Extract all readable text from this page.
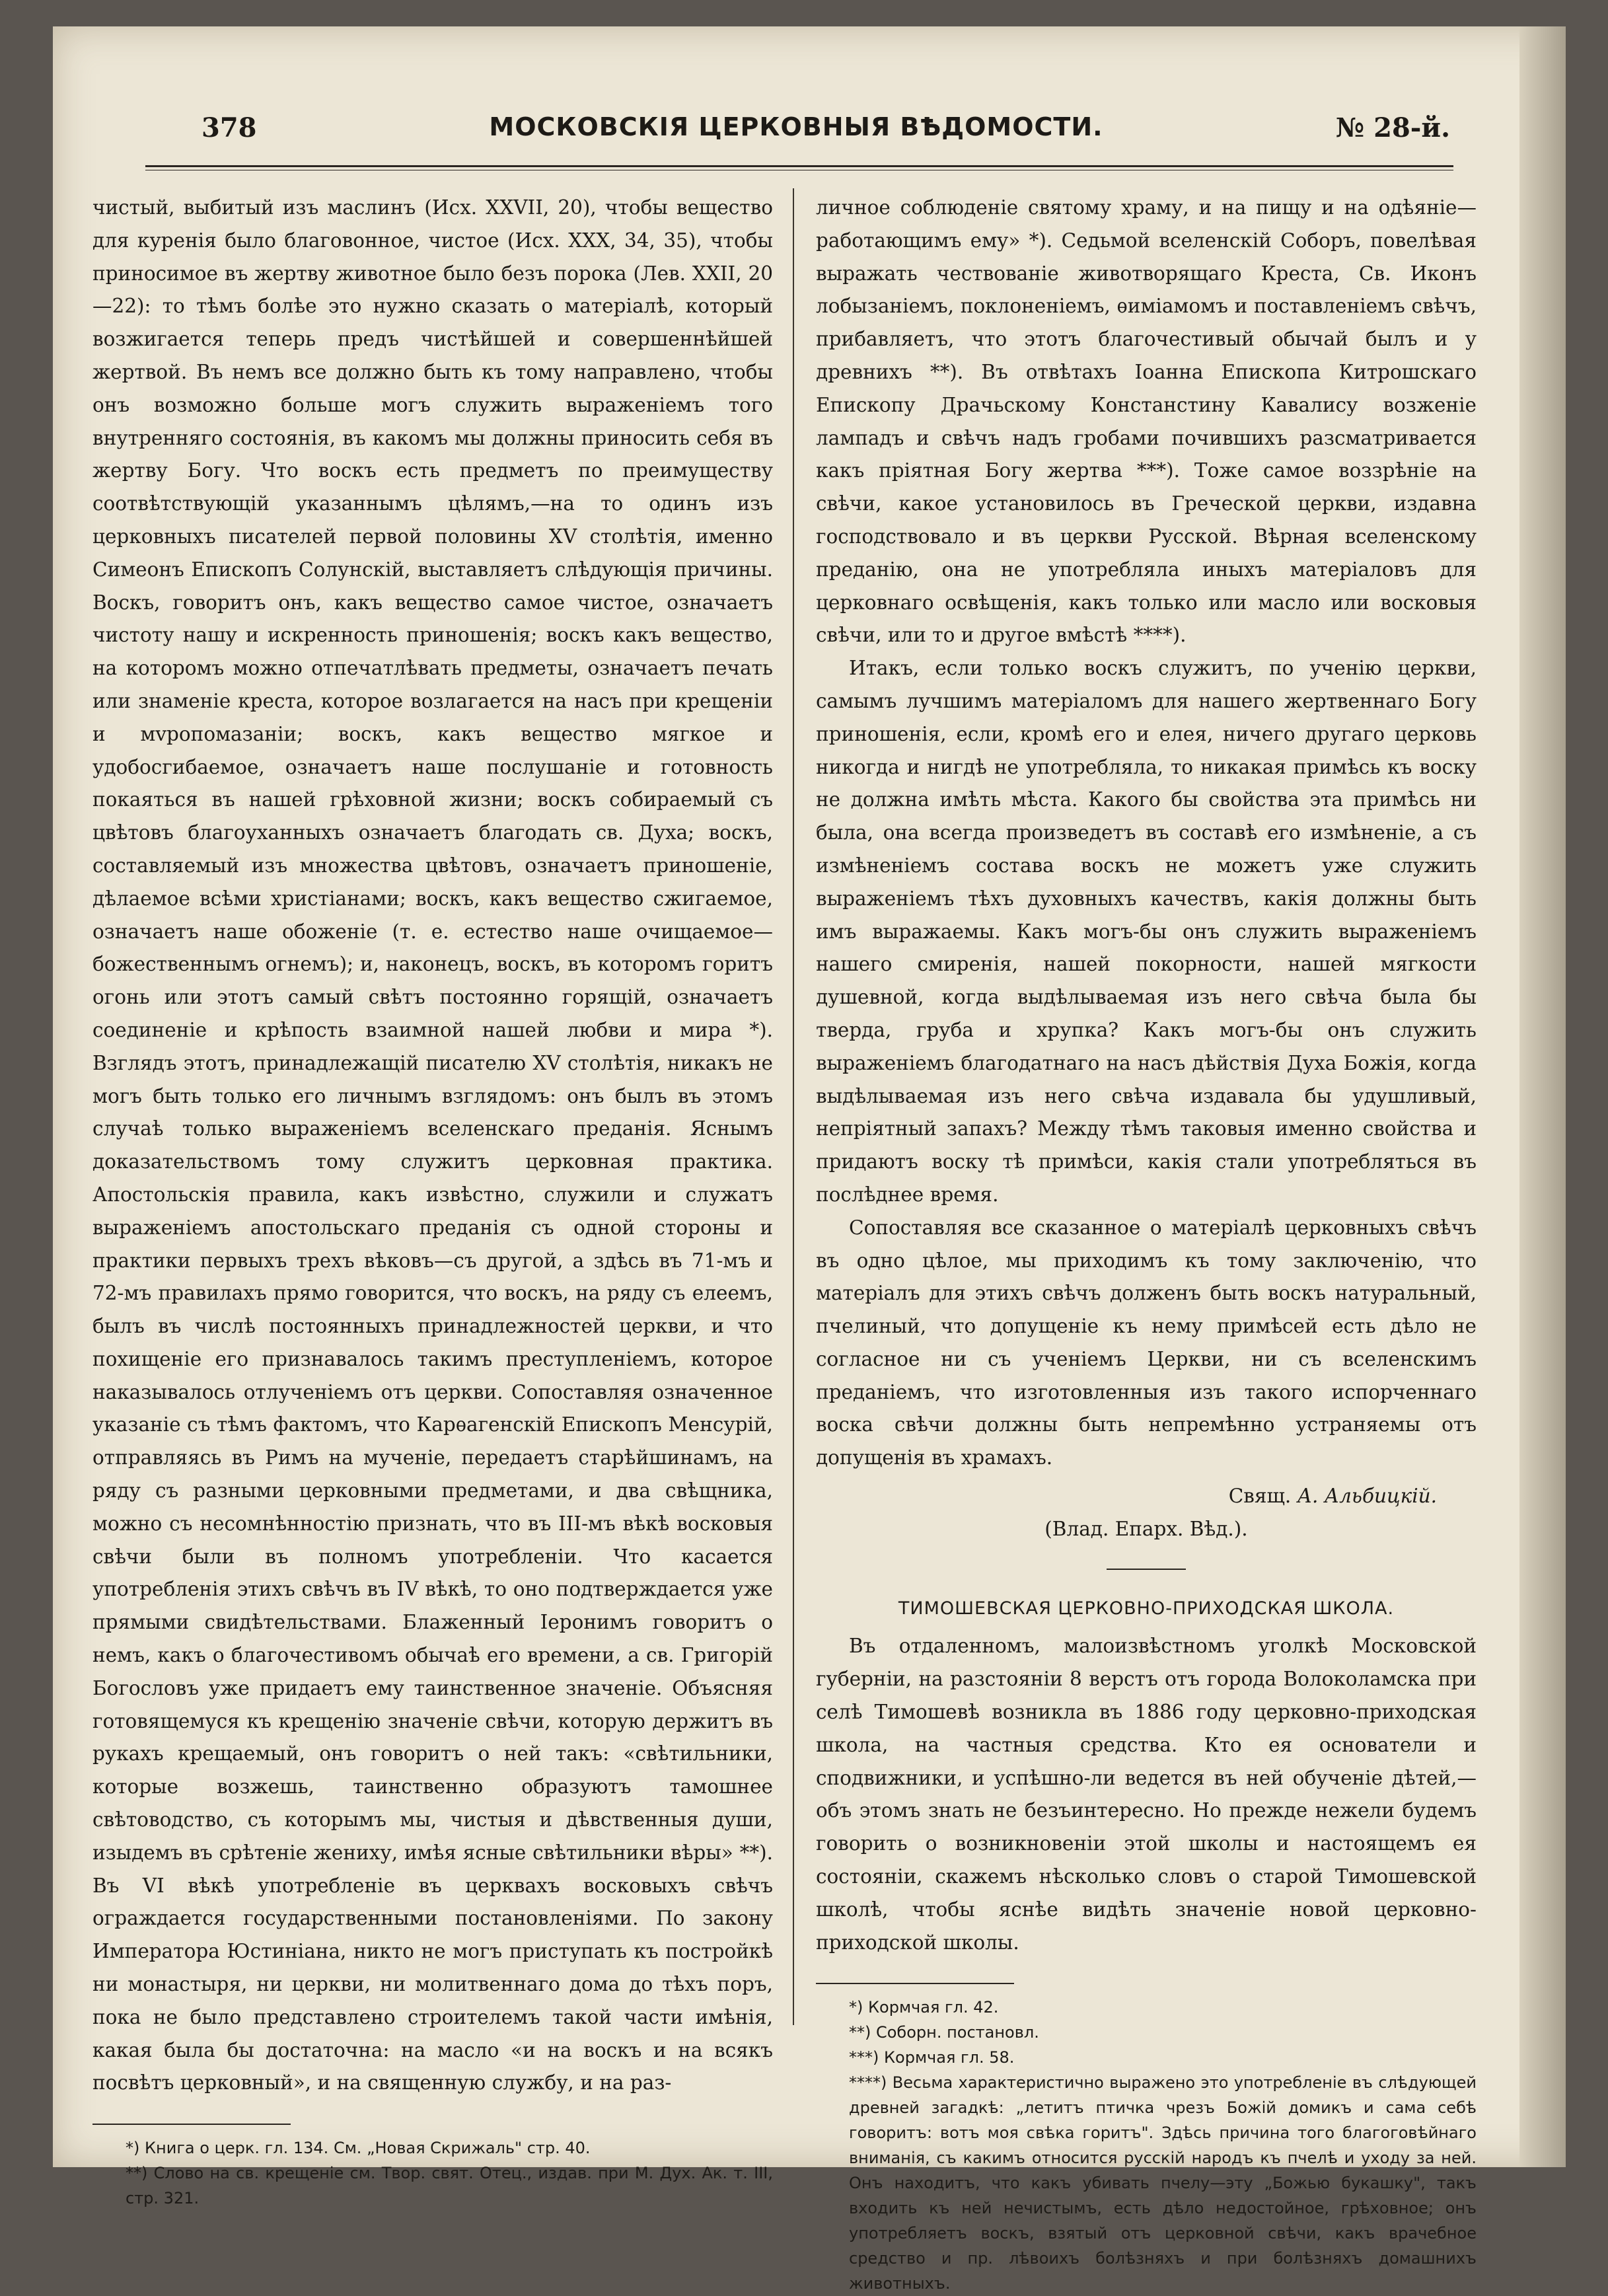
378	МОСКОВСКІЯ ЦЕРКОВНЫЯ ВѢДОМОСТИ.	№ 28-й.

чистый, выбитый изъ маслинъ (Исх. XXVII, 20), чтобы вещество для куренія было благовонное, чистое (Исх. XXX, 34, 35), чтобы приносимое въ жертву животное было безъ порока (Лев. XXII, 20—22): то тѣмъ болѣе это нужно сказать о матеріалѣ, который возжигается теперь предъ чистѣйшей и совершеннѣйшей жертвой. Въ немъ все должно быть къ тому направлено, чтобы онъ возможно больше могъ служить выраженіемъ того внутренняго состоянія, въ какомъ мы должны приносить себя въ жертву Богу. Что воскъ есть предметъ по преимуществу соотвѣтствующій указаннымъ цѣлямъ,—на то одинъ изъ церковныхъ писателей первой половины XV столѣтія, именно Симеонъ Епископъ Солунскій, выставляетъ слѣдующія причины. Воскъ, говоритъ онъ, какъ вещество самое чистое, означаетъ чистоту нашу и искренность приношенія; воскъ какъ вещество, на которомъ можно отпечатлѣвать предметы, означаетъ печать или знаменіе креста, которое возлагается на насъ при крещеніи и мvропомазаніи; воскъ, какъ вещество мягкое и удобосгибаемое, означаетъ наше послушаніе и готовность покаяться въ нашей грѣховной жизни; воскъ собираемый съ цвѣтовъ благоуханныхъ означаетъ благодать св. Духа; воскъ, составляемый изъ множества цвѣтовъ, означаетъ приношеніе, дѣлаемое всѣми христіанами; воскъ, какъ вещество сжигаемое, означаетъ наше обоженіе (т. е. естество наше очищаемое—божественнымъ огнемъ); и, наконецъ, воскъ, въ которомъ горитъ огонь или этотъ самый свѣтъ постоянно горящій, означаетъ соединеніе и крѣпость взаимной нашей любви и мира *). Взглядъ этотъ, принадлежащій писателю XV столѣтія, никакъ не могъ быть только его личнымъ взглядомъ: онъ былъ въ этомъ случаѣ только выраженіемъ вселенскаго преданія. Яснымъ доказательствомъ тому служитъ церковная практика. Апостольскія правила, какъ извѣстно, служили и служатъ выраженіемъ апостольскаго преданія съ одной стороны и практики первыхъ трехъ вѣковъ—съ другой, а здѣсь въ 71-мъ и 72-мъ правилахъ прямо говорится, что воскъ, на ряду съ елеемъ, былъ въ числѣ постоянныхъ принадлежностей церкви, и что похищеніе его признавалось такимъ преступленіемъ, которое наказывалось отлученіемъ отъ церкви. Сопоставляя означенное указаніе съ тѣмъ фактомъ, что Карѳагенскій Епископъ Менсурій, отправляясь въ Римъ на мученіе, передаетъ старѣйшинамъ, на ряду съ разными церковными предметами, и два свѣщника, можно съ несомнѣнностію признать, что въ III-мъ вѣкѣ восковыя свѣчи были въ полномъ употребленіи. Что касается употребленія этихъ свѣчъ въ IV вѣкѣ, то оно подтверждается уже прямыми свидѣтельствами. Блаженный Іеронимъ говоритъ о немъ, какъ о благочестивомъ обычаѣ его времени, а св. Григорій Богословъ уже придаетъ ему таинственное значеніе. Объясняя готовящемуся къ крещенію значеніе свѣчи, которую держитъ въ рукахъ крещаемый, онъ говоритъ о ней такъ: «свѣтильники, которые возжешь, таинственно образуютъ тамошнее свѣтоводство, съ которымъ мы, чистыя и дѣвственныя души, изыдемъ въ срѣтеніе жениху, имѣя ясные свѣтильники вѣры» **). Въ VI вѣкѣ употребленіе въ церквахъ восковыхъ свѣчъ ограждается государственными постановленіями. По закону Императора Юстиніана, никто не могъ приступать къ постройкѣ ни монастыря, ни церкви, ни молитвеннаго дома до тѣхъ поръ, пока не было представлено строителемъ такой части имѣнія, какая была бы достаточна: на масло «и на воскъ и на всякъ посвѣтъ церковный», и на священную службу, и на раз-

*) Книга о церк. гл. 134. См. „Новая Скрижаль" стр. 40.

**) Слово на св. крещеніе см. Твор. свят. Отец., издав. при М. Дух. Ак. т. III, стр. 321.

личное соблюденіе святому храму, и на пищу и на одѣяніе— работающимъ ему» *). Седьмой вселенскій Соборъ, повелѣвая выражать чествованіе животворящаго Креста, Св. Иконъ лобызаніемъ, поклоненіемъ, ѳиміамомъ и поставленіемъ свѣчъ, прибавляетъ, что этотъ благочестивый обычай былъ и у древнихъ **). Въ отвѣтахъ Іоанна Епископа Китрошскаго Епископу Драчьскому Констанстину Кавалису возженіе лампадъ и свѣчъ надъ гробами почившихъ разсматривается какъ пріятная Богу жертва ***). Тоже самое воззрѣніе на свѣчи, какое установилось въ Греческой церкви, издавна господствовало и въ церкви Русской. Вѣрная вселенскому преданію, она не употребляла иныхъ матеріаловъ для церковнаго освѣщенія, какъ только или масло или восковыя свѣчи, или то и другое вмѣстѣ ****).

Итакъ, если только воскъ служитъ, по ученію церкви, самымъ лучшимъ матеріаломъ для нашего жертвеннаго Богу приношенія, если, кромѣ его и елея, ничего другаго церковь никогда и нигдѣ не употребляла, то никакая примѣсь къ воску не должна имѣть мѣста. Какого бы свойства эта примѣсь ни была, она всегда произведетъ въ составѣ его измѣненіе, а съ измѣненіемъ состава воскъ не можетъ уже служить выраженіемъ тѣхъ духовныхъ качествъ, какія должны быть имъ выражаемы. Какъ могъ-бы онъ служить выраженіемъ нашего смиренія, нашей покорности, нашей мягкости душевной, когда выдѣлываемая изъ него свѣча была бы тверда, груба и хрупка? Какъ могъ-бы онъ служить выраженіемъ благодатнаго на насъ дѣйствія Духа Божія, когда выдѣлываемая изъ него свѣча издавала бы удушливый, непріятный запахъ? Между тѣмъ таковыя именно свойства и придаютъ воску тѣ примѣси, какія стали употребляться въ послѣднее время.

Сопоставляя все сказанное о матеріалѣ церковныхъ свѣчъ въ одно цѣлое, мы приходимъ къ тому заключенію, что матеріалъ для этихъ свѣчъ долженъ быть воскъ натуральный, пчелиный, что допущеніе къ нему примѣсей есть дѣло не согласное ни съ ученіемъ Церкви, ни съ вселенскимъ преданіемъ, что изготовленныя изъ такого испорченнаго воска свѣчи должны быть непремѣнно устраняемы отъ допущенія въ храмахъ.

Свящ. А. Альбицкій.

(Влад. Епарх. Вѣд.).

ТИМОШЕВСКАЯ ЦЕРКОВНО-ПРИХОДСКАЯ ШКОЛА.

Въ отдаленномъ, малоизвѣстномъ уголкѣ Московской губерніи, на разстояніи 8 верстъ отъ города Волоколамска при селѣ Тимошевѣ возникла въ 1886 году церковно-приходская школа, на частныя средства. Кто ея основатели и сподвижники, и успѣшно-ли ведется въ ней обученіе дѣтей,—объ этомъ знать не безъинтересно. Но прежде нежели будемъ говорить о возникновеніи этой школы и настоящемъ ея состояніи, скажемъ нѣсколько словъ о старой Тимошевской школѣ, чтобы яснѣе видѣть значеніе новой церковно-приходской школы.

*) Кормчая гл. 42.

**) Соборн. постановл.

***) Кормчая гл. 58.

****) Весьма характеристично выражено это употребленіе въ слѣдующей древней загадкѣ: „летитъ птичка чрезъ Божій домикъ и сама себѣ говоритъ: вотъ моя свѣка горитъ". Здѣсь причина того благоговѣйнаго вниманія, съ какимъ относится русскій народъ къ пчелѣ и уходу за ней. Онъ находитъ, что какъ убивать пчелу—эту „Божью букашку", такъ входить къ ней нечистымъ, есть дѣло недостойное, грѣховное; онъ употребляетъ воскъ, взятый отъ церковной свѣчи, какъ врачебное средство и пр. лѣвоихъ болѣзняхъ и при болѣзняхъ домашнихъ животныхъ.
